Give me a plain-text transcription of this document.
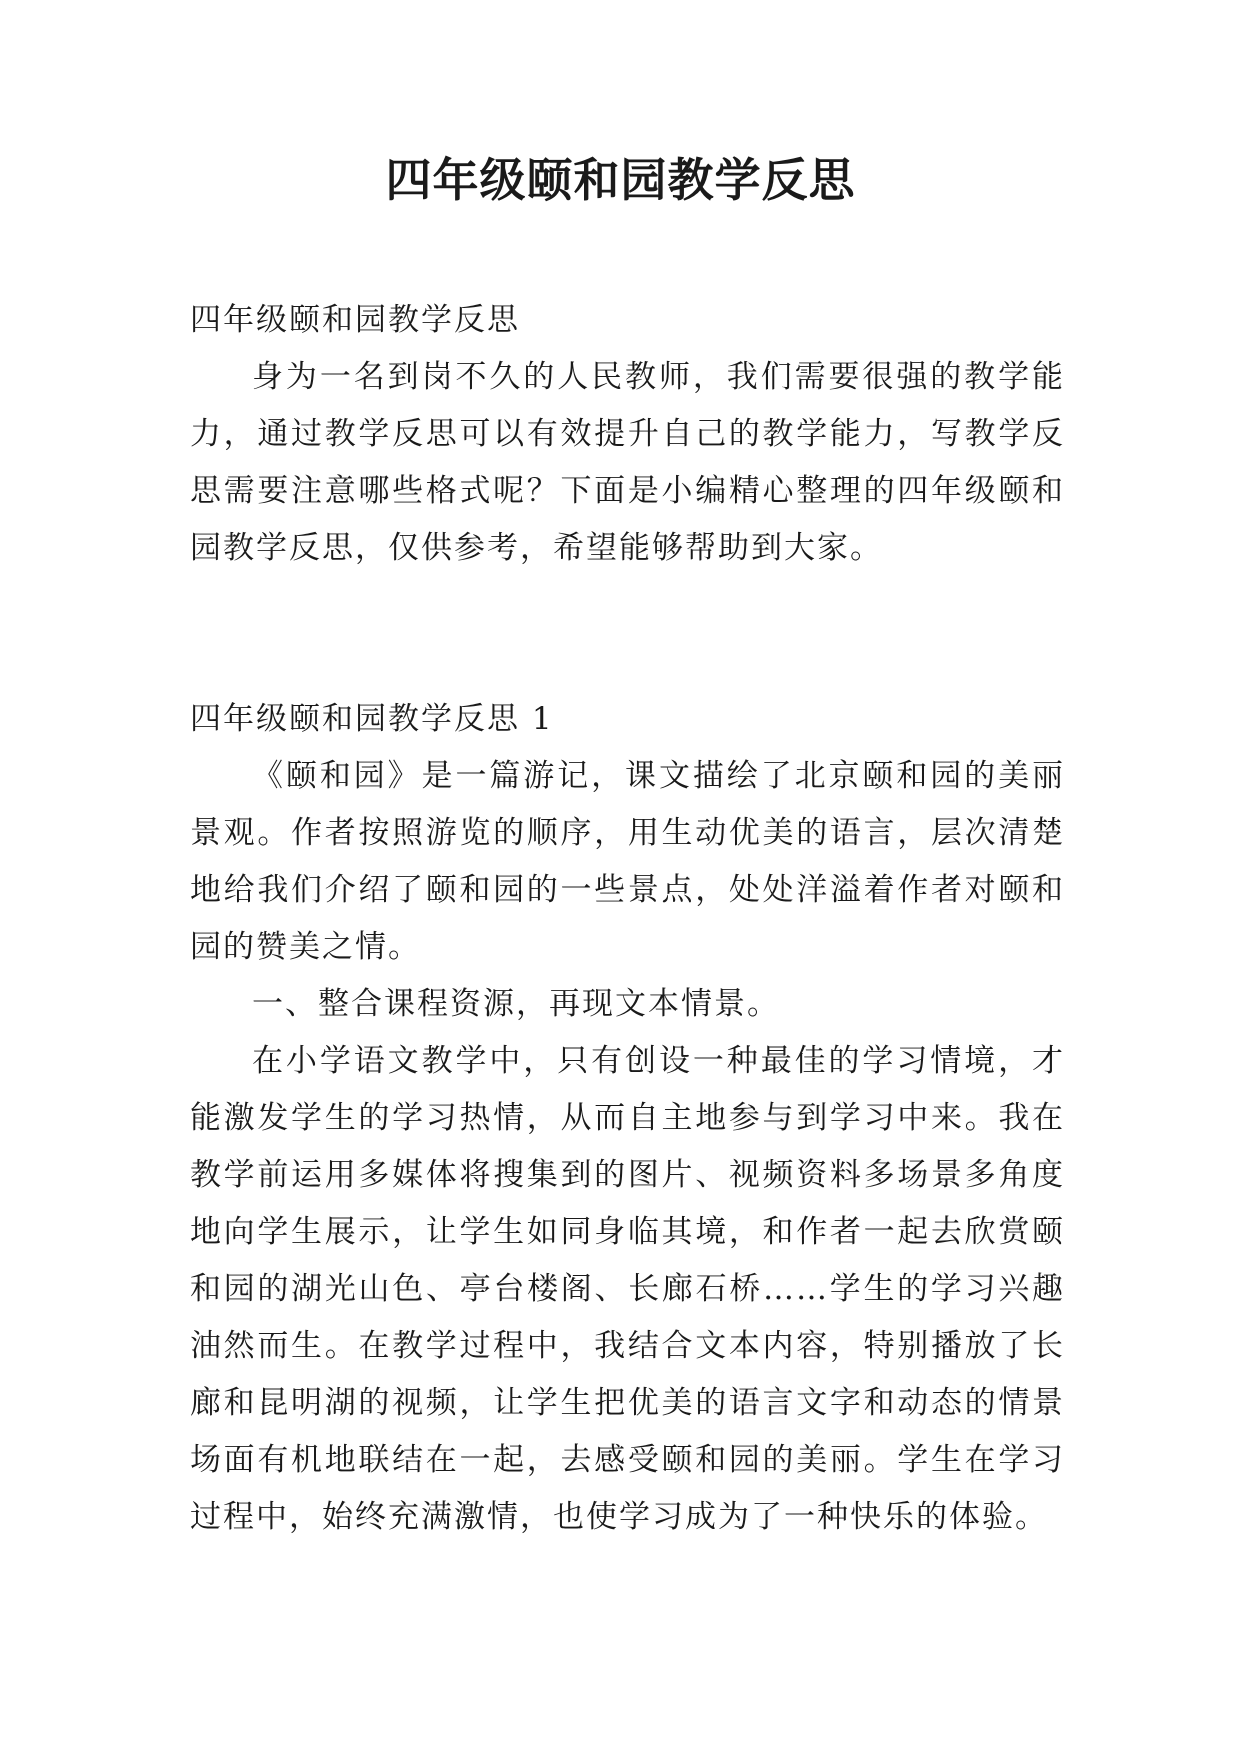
四年级颐和园教学反思

四年级颐和园教学反思

身为一名到岗不久的人民教师，我们需要很强的教学能力，通过教学反思可以有效提升自己的教学能力，写教学反思需要注意哪些格式呢？下面是小编精心整理的四年级颐和园教学反思，仅供参考，希望能够帮助到大家。

四年级颐和园教学反思 1

《颐和园》是一篇游记，课文描绘了北京颐和园的美丽景观。作者按照游览的顺序，用生动优美的语言，层次清楚地给我们介绍了颐和园的一些景点，处处洋溢着作者对颐和园的赞美之情。

一、整合课程资源，再现文本情景。

在小学语文教学中，只有创设一种最佳的学习情境，才能激发学生的学习热情，从而自主地参与到学习中来。我在教学前运用多媒体将搜集到的图片、视频资料多场景多角度地向学生展示，让学生如同身临其境，和作者一起去欣赏颐和园的湖光山色、亭台楼阁、长廊石桥……学生的学习兴趣油然而生。在教学过程中，我结合文本内容，特别播放了长廊和昆明湖的视频，让学生把优美的语言文字和动态的情景场面有机地联结在一起，去感受颐和园的美丽。学生在学习过程中，始终充满激情，也使学习成为了一种快乐的体验。
